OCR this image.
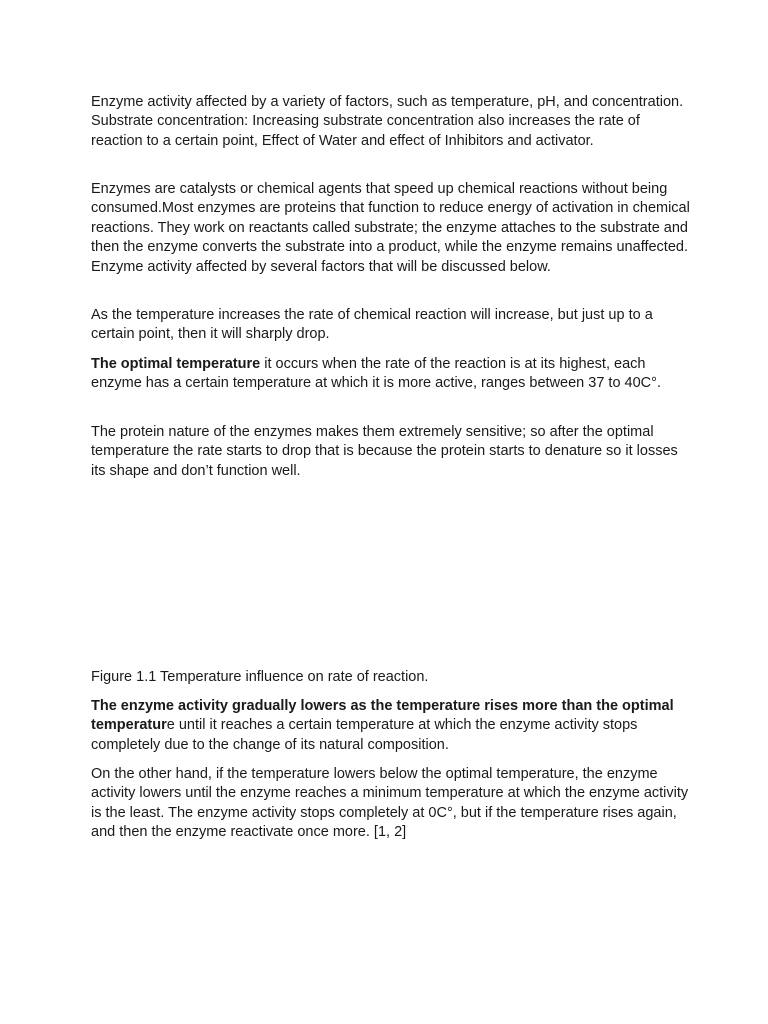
Enzyme activity affected by a variety of factors, such as temperature, pH, and concentration. Substrate concentration: Increasing substrate concentration also increases the rate of reaction to a certain point, Effect of Water and effect of Inhibitors and activator.

Enzymes are catalysts or chemical agents that speed up chemical reactions without being consumed.Most enzymes are proteins that function to reduce energy of activation in chemical reactions. They work on reactants called substrate; the enzyme attaches to the substrate and then the enzyme converts the substrate into a product, while the enzyme remains unaffected. Enzyme activity affected by several factors that will be discussed below.

As the temperature increases the rate of chemical reaction will increase, but just up to a certain point, then it will sharply drop.

The optimal temperature it occurs when the rate of the reaction is at its highest, each enzyme has a certain temperature at which it is more active, ranges between 37 to 40C°.

The protein nature of the enzymes makes them extremely sensitive; so after the optimal temperature the rate starts to drop that is because the protein starts to denature so it losses its shape and don’t function well.

Figure 1.1 Temperature influence on rate of reaction.

The enzyme activity gradually lowers as the temperature rises more than the optimal temperature until it reaches a certain temperature at which the enzyme activity stops completely due to the change of its natural composition.

On the other hand, if the temperature lowers below the optimal temperature, the enzyme activity lowers until the enzyme reaches a minimum temperature at which the enzyme activity is the least. The enzyme activity stops completely at 0C°, but if the temperature rises again, and then the enzyme reactivate once more. [1, 2]
